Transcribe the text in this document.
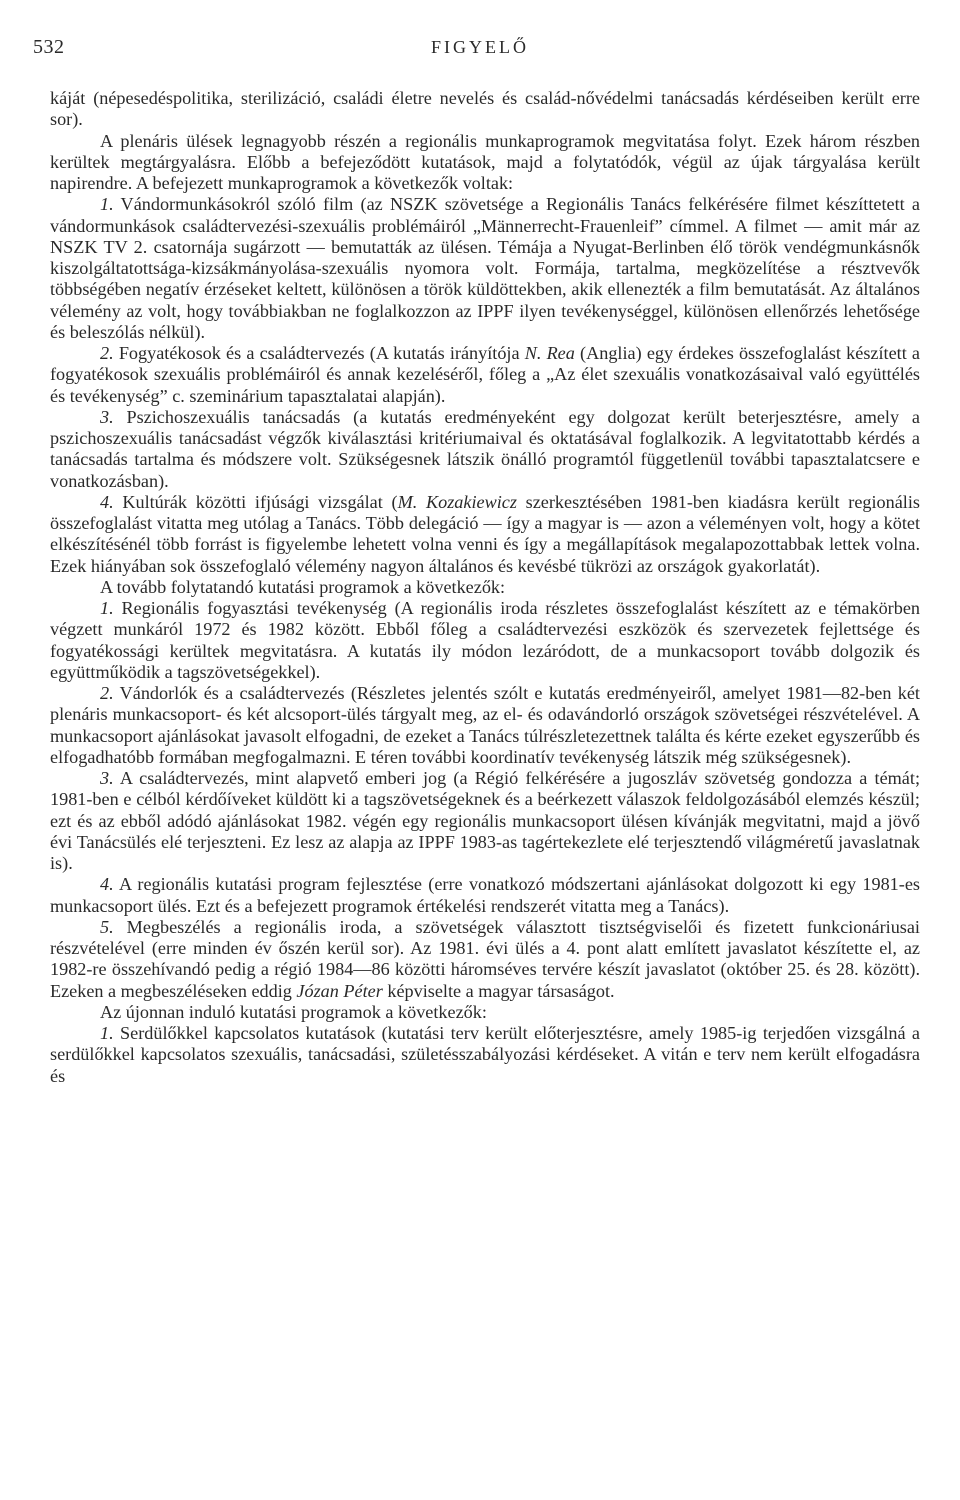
532	FIGYELŐ

káját (népesedéspolitika, sterilizáció, családi életre nevelés és család-nővédelmi tanácsadás kérdéseiben került erre sor).

A plenáris ülések legnagyobb részén a regionális munkaprogramok megvitatása folyt. Ezek három részben kerültek megtárgyalásra. Előbb a befejeződött kutatások, majd a folytatódók, végül az újak tárgyalása került napirendre. A befejezett munkaprogramok a következők voltak:

1. Vándormunkásokról szóló film (az NSZK szövetsége a Regionális Tanács felkérésére filmet készíttetett a vándormunkások családtervezési-szexuális problémáiról „Männerrecht-Frauenleif” címmel. A filmet — amit már az NSZK TV 2. csatornája sugárzott — bemutatták az ülésen. Témája a Nyugat-Berlinben élő török vendégmunkásnők kiszolgáltatottsága-kizsákmányolása-szexuális nyomora volt. Formája, tartalma, megközelítése a résztvevők többségében negatív érzéseket keltett, különösen a török küldöttekben, akik ellenezték a film bemutatását. Az általános vélemény az volt, hogy továbbiakban ne foglalkozzon az IPPF ilyen tevékenységgel, különösen ellenőrzés lehetősége és beleszólás nélkül).

2. Fogyatékosok és a családtervezés (A kutatás irányítója N. Rea (Anglia) egy érdekes összefoglalást készített a fogyatékosok szexuális problémáiról és annak kezeléséről, főleg a „Az élet szexuális vonatkozásaival való együttélés és tevékenység” c. szeminárium tapasztalatai alapján).

3. Pszichoszexuális tanácsadás (a kutatás eredményeként egy dolgozat került beterjesztésre, amely a pszichoszexuális tanácsadást végzők kiválasztási kritériumaival és oktatásával foglalkozik. A legvitatottabb kérdés a tanácsadás tartalma és módszere volt. Szükségesnek látszik önálló programtól függetlenül további tapasztalatcsere e vonatkozásban).

4. Kultúrák közötti ifjúsági vizsgálat (M. Kozakiewicz szerkesztésében 1981-ben kiadásra került regionális összefoglalást vitatta meg utólag a Tanács. Több delegáció — így a magyar is — azon a véleményen volt, hogy a kötet elkészítésénél több forrást is figyelembe lehetett volna venni és így a megállapítások megalapozottabbak lettek volna. Ezek hiányában sok összefoglaló vélemény nagyon általános és kevésbé tükrözi az országok gyakorlatát).

A tovább folytatandó kutatási programok a következők:

1. Regionális fogyasztási tevékenység (A regionális iroda részletes összefoglalást készített az e témakörben végzett munkáról 1972 és 1982 között. Ebből főleg a családtervezési eszközök és szervezetek fejlettsége és fogyatékossági kerültek megvitatásra. A kutatás ily módon lezáródott, de a munkacsoport tovább dolgozik és együttműködik a tagszövetségekkel).

2. Vándorlók és a családtervezés (Részletes jelentés szólt e kutatás eredményeiről, amelyet 1981—82-ben két plenáris munkacsoport- és két alcsoport-ülés tárgyalt meg, az el- és odavándorló országok szövetségei részvételével. A munkacsoport ajánlásokat javasolt elfogadni, de ezeket a Tanács túlrészletezettnek találta és kérte ezeket egyszerűbb és elfogadhatóbb formában megfogalmazni. E téren további koordinatív tevékenység látszik még szükségesnek).

3. A családtervezés, mint alapvető emberi jog (a Régió felkérésére a jugoszláv szövetség gondozza a témát; 1981-ben e célból kérdőíveket küldött ki a tagszövetségeknek és a beérkezett válaszok feldolgozásából elemzés készül; ezt és az ebből adódó ajánlásokat 1982. végén egy regionális munkacsoport ülésen kívánják megvitatni, majd a jövő évi Tanácsülés elé terjeszteni. Ez lesz az alapja az IPPF 1983-as tagértekezlete elé terjesztendő világméretű javaslatnak is).

4. A regionális kutatási program fejlesztése (erre vonatkozó módszertani ajánlásokat dolgozott ki egy 1981-es munkacsoport ülés. Ezt és a befejezett programok értékelési rendszerét vitatta meg a Tanács).

5. Megbeszélés a regionális iroda, a szövetségek választott tisztségviselői és fizetett funkcionáriusai részvételével (erre minden év őszén kerül sor). Az 1981. évi ülés a 4. pont alatt említett javaslatot készítette el, az 1982-re összehívandó pedig a régió 1984—86 közötti háromséves tervére készít javaslatot (október 25. és 28. között). Ezeken a megbeszéléseken eddig Józan Péter képviselte a magyar társaságot.

Az újonnan induló kutatási programok a következők:

1. Serdülőkkel kapcsolatos kutatások (kutatási terv került előterjesztésre, amely 1985-ig terjedően vizsgálná a serdülőkkel kapcsolatos szexuális, tanácsadási, születésszabályozási kérdéseket. A vitán e terv nem került elfogadásra és
